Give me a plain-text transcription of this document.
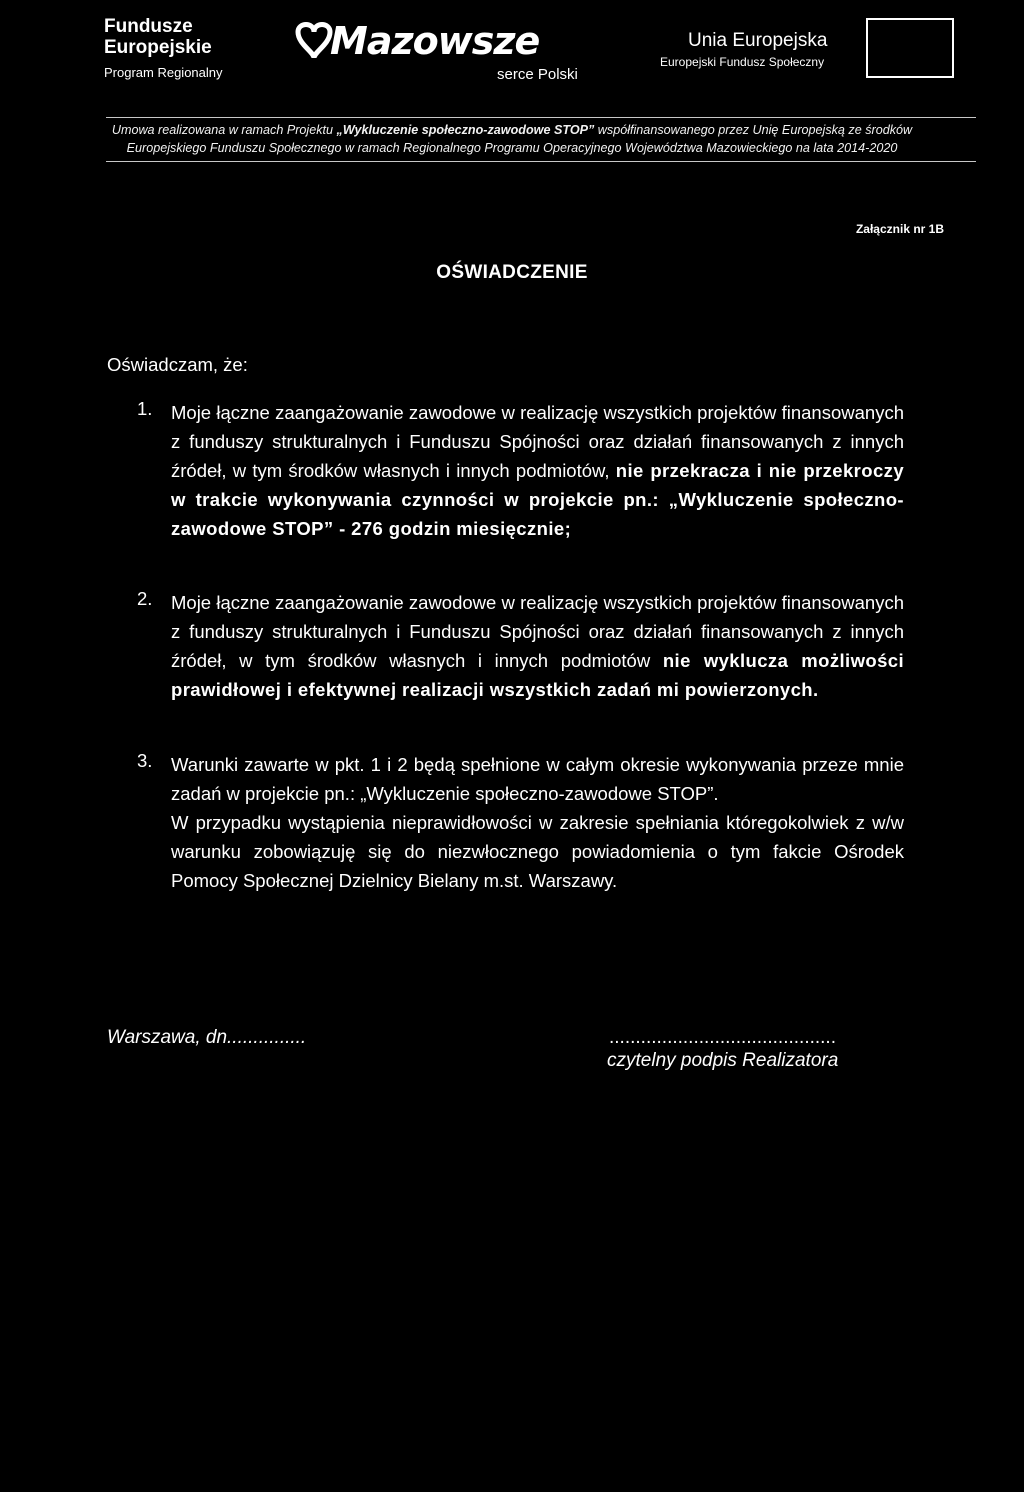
Fundusze
Europejskie
Program Regionalny
Mazowsze
serce Polski
Unia Europejska
Europejski Fundusz Społeczny
Umowa realizowana w ramach Projektu „Wykluczenie społeczno-zawodowe STOP” współfinansowanego przez Unię Europejską ze środków
Europejskiego Funduszu Społecznego w ramach Regionalnego Programu Operacyjnego Województwa Mazowieckiego na lata 2014-2020
Załącznik nr 1B
OŚWIADCZENIE
Oświadczam, że:
1. Moje łączne zaangażowanie zawodowe w realizację wszystkich projektów finansowanych z funduszy strukturalnych i Funduszu Spójności oraz działań finansowanych z innych źródeł, w tym środków własnych i innych podmiotów, nie przekracza i nie przekroczy w trakcie wykonywania czynności w projekcie pn.: „Wykluczenie społeczno-zawodowe STOP” - 276 godzin miesięcznie;
2. Moje łączne zaangażowanie zawodowe w realizację wszystkich projektów finansowanych z funduszy strukturalnych i Funduszu Spójności oraz działań finansowanych z innych źródeł, w tym środków własnych i innych podmiotów nie wyklucza możliwości prawidłowej i efektywnej realizacji wszystkich zadań mi powierzonych.
3. Warunki zawarte w pkt. 1 i 2 będą spełnione w całym okresie wykonywania przeze mnie zadań w projekcie pn.: „Wykluczenie społeczno-zawodowe STOP”.
W przypadku wystąpienia nieprawidłowości w zakresie spełniania któregokolwiek z w/w warunku zobowiązuję się do niezwłocznego powiadomienia o tym fakcie Ośrodek Pomocy Społecznej Dzielnicy Bielany m.st. Warszawy.
Warszawa, dn...............	...........................................
czytelny podpis Realizatora
